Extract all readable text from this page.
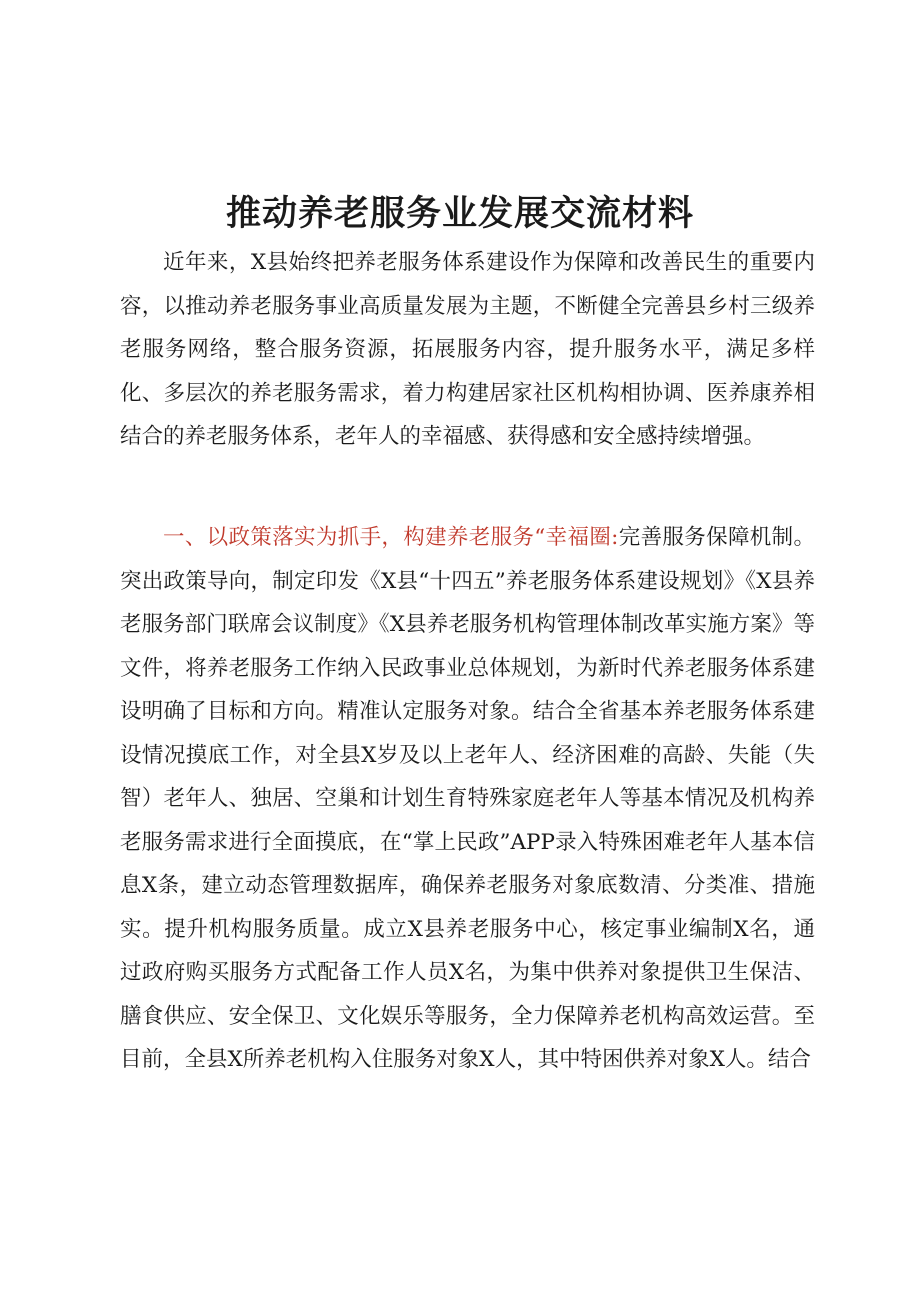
推动养老服务业发展交流材料

近年来，X县始终把养老服务体系建设作为保障和改善民生的重要内容，以推动养老服务事业高质量发展为主题，不断健全完善县乡村三级养老服务网络，整合服务资源，拓展服务内容，提升服务水平，满足多样化、多层次的养老服务需求，着力构建居家社区机构相协调、医养康养相结合的养老服务体系，老年人的幸福感、获得感和安全感持续增强。

一、以政策落实为抓手，构建养老服务“幸福圈:完善服务保障机制。突出政策导向，制定印发《X县“十四五”养老服务体系建设规划》《X县养老服务部门联席会议制度》《X县养老服务机构管理体制改革实施方案》等文件，将养老服务工作纳入民政事业总体规划，为新时代养老服务体系建设明确了目标和方向。精准认定服务对象。结合全省基本养老服务体系建设情况摸底工作，对全县X岁及以上老年人、经济困难的高龄、失能（失智）老年人、独居、空巢和计划生育特殊家庭老年人等基本情况及机构养老服务需求进行全面摸底，在“掌上民政”APP录入特殊困难老年人基本信息X条，建立动态管理数据库，确保养老服务对象底数清、分类准、措施实。提升机构服务质量。成立X县养老服务中心，核定事业编制X名，通过政府购买服务方式配备工作人员X名，为集中供养对象提供卫生保洁、膳食供应、安全保卫、文化娱乐等服务，全力保障养老机构高效运营。至目前，全县X所养老机构入住服务对象X人，其中特困供养对象X人。结合
